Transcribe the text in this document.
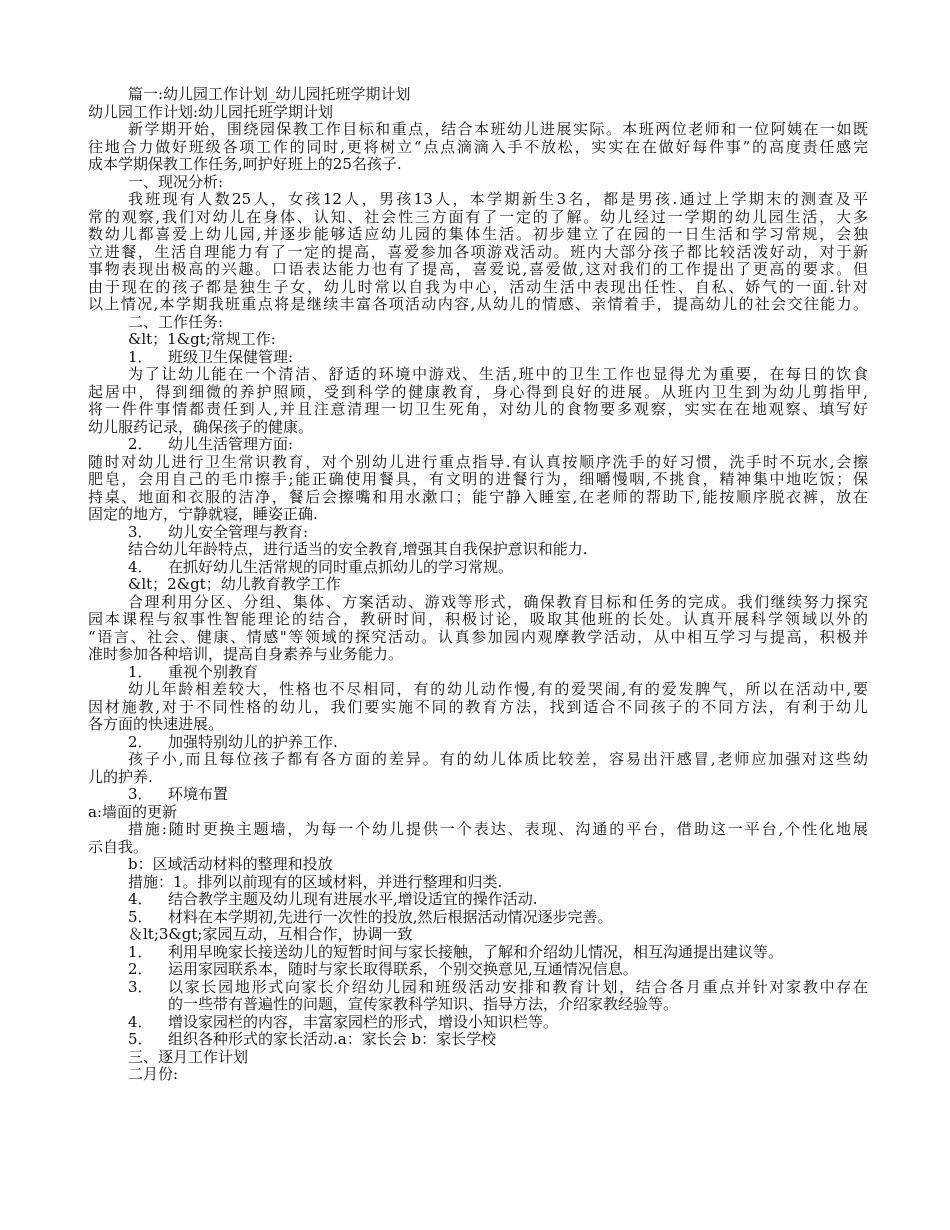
篇一:幼儿园工作计划_幼儿园托班学期计划

幼儿园工作计划:幼儿园托班学期计划

新学期开始，围绕园保教工作目标和重点，结合本班幼儿进展实际。本班两位老师和一位阿姨在一如既

往地合力做好班级各项工作的同时,更将树立“点点滴滴入手不放松，实实在在做好每件事”的高度责任感完

成本学期保教工作任务,呵护好班上的25名孩子.

一、现况分析:

我班现有人数25人，女孩12人，男孩13人，本学期新生3名，都是男孩.通过上学期末的测查及平

常的观察,我们对幼儿在身体、认知、社会性三方面有了一定的了解。幼儿经过一学期的幼儿园生活，大多

数幼儿都喜爱上幼儿园,并逐步能够适应幼儿园的集体生活。初步建立了在园的一日生活和学习常规，会独

立进餐，生活自理能力有了一定的提高，喜爱参加各项游戏活动。班内大部分孩子都比较活泼好动，对于新

事物表现出极高的兴趣。口语表达能力也有了提高，喜爱说,喜爱做,这对我们的工作提出了更高的要求。但

由于现在的孩子都是独生子女，幼儿时常以自我为中心，活动生活中表现出任性、自私、娇气的一面.针对

以上情况,本学期我班重点将是继续丰富各项活动内容,从幼儿的情感、亲情着手，提高幼儿的社会交往能力。

二、工作任务:

&lt；1&gt;常规工作:

1． 班级卫生保健管理:

为了让幼儿能在一个清洁、舒适的环境中游戏、生活,班中的卫生工作也显得尤为重要，在每日的饮食

起居中，得到细微的养护照顾，受到科学的健康教育，身心得到良好的进展。从班内卫生到为幼儿剪指甲,

将一件件事情都责任到人,并且注意清理一切卫生死角，对幼儿的食物要多观察，实实在在地观察、填写好

幼儿服药记录，确保孩子的健康。

2． 幼儿生活管理方面:

随时对幼儿进行卫生常识教育，对个别幼儿进行重点指导.有认真按顺序洗手的好习惯，洗手时不玩水,会擦

肥皂，会用自己的毛巾擦手;能正确使用餐具，有文明的进餐行为，细嚼慢咽,不挑食，精神集中地吃饭；保

持桌、地面和衣服的洁净，餐后会擦嘴和用水漱口；能宁静入睡室,在老师的帮助下,能按顺序脱衣裤，放在

固定的地方，宁静就寝，睡姿正确.

3． 幼儿安全管理与教育:

结合幼儿年龄特点，进行适当的安全教育,增强其自我保护意识和能力.

4． 在抓好幼儿生活常规的同时重点抓幼儿的学习常规。

&lt；2&gt；幼儿教育教学工作

合理利用分区、分组、集体、方案活动、游戏等形式，确保教育目标和任务的完成。我们继续努力探究

园本课程与叙事性智能理论的结合，教研时间，积极讨论，吸取其他班的长处。认真开展科学领域以外的

“语言、社会、健康、情感"等领域的探究活动。认真参加园内观摩教学活动，从中相互学习与提高，积极并

准时参加各种培训，提高自身素养与业务能力。

1． 重视个别教育

幼儿年龄相差较大，性格也不尽相同，有的幼儿动作慢,有的爱哭闹,有的爱发脾气，所以在活动中,要

因材施教,对于不同性格的幼儿，我们要实施不同的教育方法，找到适合不同孩子的不同方法，有利于幼儿

各方面的快速进展。

2． 加强特别幼儿的护养工作.

孩子小,而且每位孩子都有各方面的差异。有的幼儿体质比较差，容易出汗感冒,老师应加强对这些幼

儿的护养.

3． 环境布置

a:墙面的更新

措施:随时更换主题墙，为每一个幼儿提供一个表达、表现、沟通的平台，借助这一平台,个性化地展

示自我。

b：区域活动材料的整理和投放

措施：1。排列以前现有的区域材料，并进行整理和归类.

4． 结合教学主题及幼儿现有进展水平,增设适宜的操作活动.

5． 材料在本学期初,先进行一次性的投放,然后根据活动情况逐步完善。

＆lt;3&gt;家园互动，互相合作，协调一致

1． 利用早晚家长接送幼儿的短暂时间与家长接触，了解和介绍幼儿情况，相互沟通提出建议等。

2． 运用家园联系本，随时与家长取得联系，个别交换意见,互通情况信息。

3． 以家长园地形式向家长介绍幼儿园和班级活动安排和教育计划，结合各月重点并针对家教中存在

的一些带有普遍性的问题，宣传家教科学知识、指导方法，介绍家教经验等。

4． 增设家园栏的内容，丰富家园栏的形式，增设小知识栏等。

5． 组织各种形式的家长活动.a：家长会 b：家长学校

三、逐月工作计划

二月份:
